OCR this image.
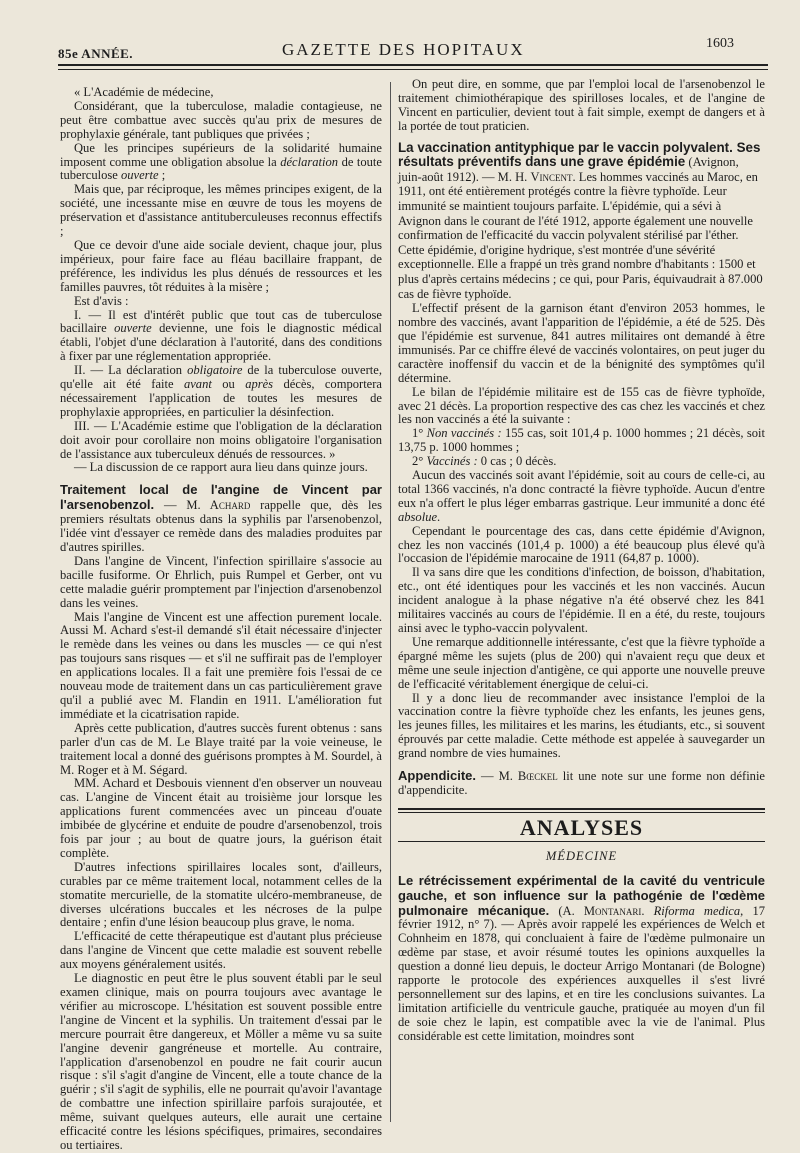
85e ANNÉE.	GAZETTE DES HOPITAUX	1603

« L'Académie de médecine,

Considérant, que la tuberculose, maladie contagieuse, ne peut être combattue avec succès qu'au prix de mesures de prophylaxie générale, tant publiques que privées ;

Que les principes supérieurs de la solidarité humaine imposent comme une obligation absolue la déclaration de toute tuberculose ouverte ;

Mais que, par réciproque, les mêmes principes exigent, de la société, une incessante mise en œuvre de tous les moyens de préservation et d'assistance antituberculeuses reconnus effectifs ;

Que ce devoir d'une aide sociale devient, chaque jour, plus impérieux, pour faire face au fléau bacillaire frappant, de préférence, les individus les plus dénués de ressources et les familles pauvres, tôt réduites à la misère ;

Est d'avis :

I. — Il est d'intérêt public que tout cas de tuberculose bacillaire ouverte devienne, une fois le diagnostic médical établi, l'objet d'une déclaration à l'autorité, dans des conditions à fixer par une réglementation appropriée.

II. — La déclaration obligatoire de la tuberculose ouverte, qu'elle ait été faite avant ou après décès, comportera nécessairement l'application de toutes les mesures de prophylaxie appropriées, en particulier la désinfection.

III. — L'Académie estime que l'obligation de la déclaration doit avoir pour corollaire non moins obligatoire l'organisation de l'assistance aux tuberculeux dénués de ressources. »

— La discussion de ce rapport aura lieu dans quinze jours.

Traitement local de l'angine de Vincent par l'arsenobenzol. — M. Achard rappelle que, dès les premiers résultats obtenus dans la syphilis par l'arsenobenzol, l'idée vint d'essayer ce remède dans des maladies produites par d'autres spirilles.

Dans l'angine de Vincent, l'infection spirillaire s'associe au bacille fusiforme. Or Ehrlich, puis Rumpel et Gerber, ont vu cette maladie guérir promptement par l'injection d'arsenobenzol dans les veines.

Mais l'angine de Vincent est une affection purement locale. Aussi M. Achard s'est-il demandé s'il était nécessaire d'injecter le remède dans les veines ou dans les muscles — ce qui n'est pas toujours sans risques — et s'il ne suffirait pas de l'employer en applications locales. Il a fait une première fois l'essai de ce nouveau mode de traitement dans un cas particulièrement grave qu'il a publié avec M. Flandin en 1911. L'amélioration fut immédiate et la cicatrisation rapide.

Après cette publication, d'autres succès furent obtenus : sans parler d'un cas de M. Le Blaye traité par la voie veineuse, le traitement local a donné des guérisons promptes à M. Sourdel, à M. Roger et à M. Ségard.

MM. Achard et Desbouis viennent d'en observer un nouveau cas. L'angine de Vincent était au troisième jour lorsque les applications furent commencées avec un pinceau d'ouate imbibée de glycérine et enduite de poudre d'arsenobenzol, trois fois par jour ; au bout de quatre jours, la guérison était complète.

D'autres infections spirillaires locales sont, d'ailleurs, curables par ce même traitement local, notamment celles de la stomatite mercurielle, de la stomatite ulcéro-membraneuse, de diverses ulcérations buccales et les nécroses de la pulpe dentaire ; enfin d'une lésion beaucoup plus grave, le noma.

L'efficacité de cette thérapeutique est d'autant plus précieuse dans l'angine de Vincent que cette maladie est souvent rebelle aux moyens généralement usités.

Le diagnostic en peut être le plus souvent établi par le seul examen clinique, mais on pourra toujours avec avantage le vérifier au microscope. L'hésitation est souvent possible entre l'angine de Vincent et la syphilis. Un traitement d'essai par le mercure pourrait être dangereux, et Möller a même vu sa suite l'angine devenir gangréneuse et mortelle. Au contraire, l'application d'arsenobenzol en poudre ne fait courir aucun risque : s'il s'agit d'angine de Vincent, elle a toute chance de la guérir ; s'il s'agit de syphilis, elle ne pourrait qu'avoir l'avantage de combattre une infection spirillaire parfois surajoutée, et même, suivant quelques auteurs, elle aurait une certaine efficacité contre les lésions spécifiques, primaires, secondaires ou tertiaires.

On peut dire, en somme, que par l'emploi local de l'arsenobenzol le traitement chimiothérapique des spirilloses locales, et de l'angine de Vincent en particulier, devient tout à fait simple, exempt de dangers et à la portée de tout praticien.

La vaccination antityphique par le vaccin polyvalent. Ses résultats préventifs dans une grave épidémie (Avignon, juin-août 1912). — M. H. Vincent. Les hommes vaccinés au Maroc, en 1911, ont été entièrement protégés contre la fièvre typhoïde. Leur immunité se maintient toujours parfaite. L'épidémie, qui a sévi à Avignon dans le courant de l'été 1912, apporte également une nouvelle confirmation de l'efficacité du vaccin polyvalent stérilisé par l'éther. Cette épidémie, d'origine hydrique, s'est montrée d'une sévérité exceptionnelle. Elle a frappé un très grand nombre d'habitants : 1500 et plus d'après certains médecins ; ce qui, pour Paris, équivaudrait à 87.000 cas de fièvre typhoïde.

L'effectif présent de la garnison étant d'environ 2053 hommes, le nombre des vaccinés, avant l'apparition de l'épidémie, a été de 525. Dès que l'épidémie est survenue, 841 autres militaires ont demandé à être immunisés. Par ce chiffre élevé de vaccinés volontaires, on peut juger du caractère inoffensif du vaccin et de la bénignité des symptômes qu'il détermine.

Le bilan de l'épidémie militaire est de 155 cas de fièvre typhoïde, avec 21 décès. La proportion respective des cas chez les vaccinés et chez les non vaccinés a été la suivante :

1° Non vaccinés : 155 cas, soit 101,4 p. 1000 hommes ; 21 décès, soit 13,75 p. 1000 hommes ;

2° Vaccinés : 0 cas ; 0 décès.

Aucun des vaccinés soit avant l'épidémie, soit au cours de celle-ci, au total 1366 vaccinés, n'a donc contracté la fièvre typhoïde. Aucun d'entre eux n'a offert le plus léger embarras gastrique. Leur immunité a donc été absolue.

Cependant le pourcentage des cas, dans cette épidémie d'Avignon, chez les non vaccinés (101,4 p. 1000) a été beaucoup plus élevé qu'à l'occasion de l'épidémie marocaine de 1911 (64,87 p. 1000).

Il va sans dire que les conditions d'infection, de boisson, d'habitation, etc., ont été identiques pour les vaccinés et les non vaccinés. Aucun incident analogue à la phase négative n'a été observé chez les 841 militaires vaccinés au cours de l'épidémie. Il en a été, du reste, toujours ainsi avec le typho-vaccin polyvalent.

Une remarque additionnelle intéressante, c'est que la fièvre typhoïde a épargné même les sujets (plus de 200) qui n'avaient reçu que deux et même une seule injection d'antigène, ce qui apporte une nouvelle preuve de l'efficacité véritablement énergique de celui-ci.

Il y a donc lieu de recommander avec insistance l'emploi de la vaccination contre la fièvre typhoïde chez les enfants, les jeunes gens, les jeunes filles, les militaires et les marins, les étudiants, etc., si souvent éprouvés par cette maladie. Cette méthode est appelée à sauvegarder un grand nombre de vies humaines.

Appendicite. — M. Bœckel lit une note sur une forme non définie d'appendicite.

ANALYSES
MÉDECINE

Le rétrécissement expérimental de la cavité du ventricule gauche, et son influence sur la pathogénie de l'œdème pulmonaire mécanique. (A. Montanari. Riforma medica, 17 février 1912, n° 7). — Après avoir rappelé les expériences de Welch et Cohnheim en 1878, qui concluaient à faire de l'œdème pulmonaire un œdème par stase, et avoir résumé toutes les opinions auxquelles la question a donné lieu depuis, le docteur Arrigo Montanari (de Bologne) rapporte le protocole des expériences auxquelles il s'est livré personnellement sur des lapins, et en tire les conclusions suivantes. La limitation artificielle du ventricule gauche, pratiquée au moyen d'un fil de soie chez le lapin, est compatible avec la vie de l'animal. Plus considérable est cette limitation, moindres sont
